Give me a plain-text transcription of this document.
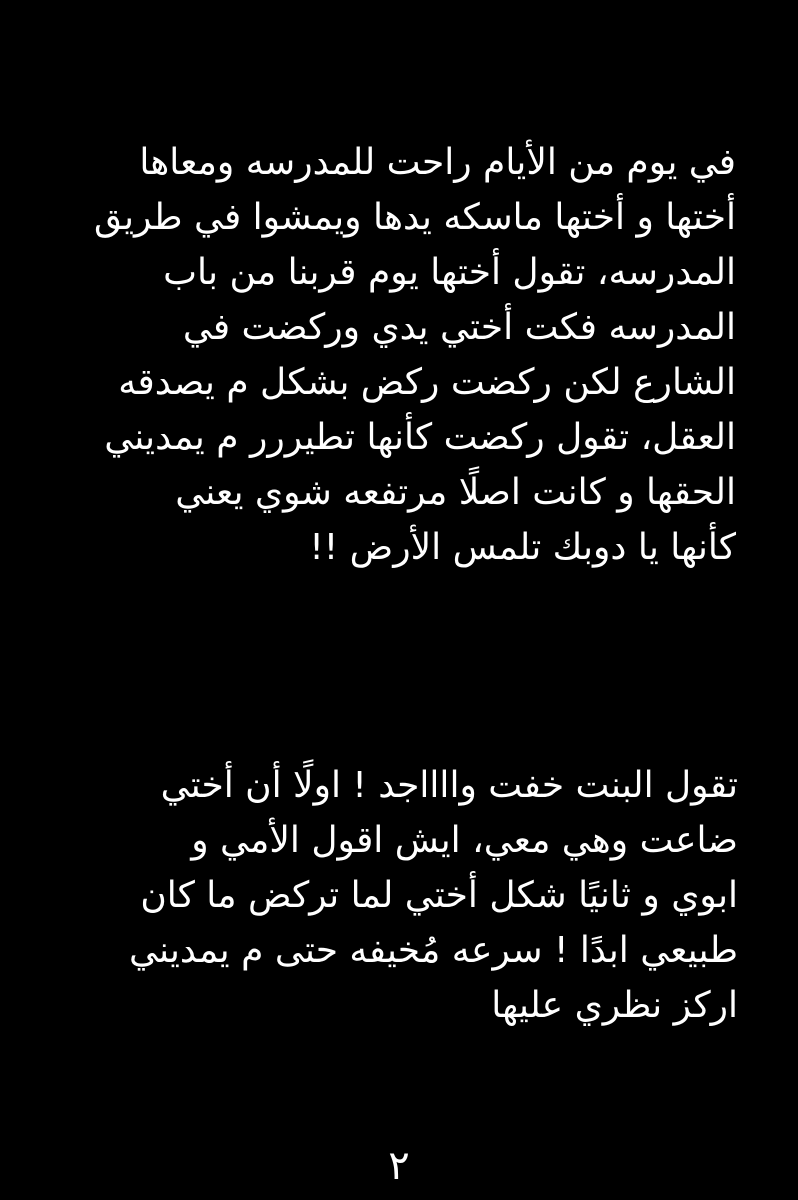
في يوم من الأيام راحت للمدرسه ومعاها
أختها و أختها ماسكه يدها ويمشوا في طريق
المدرسه، تقول أختها يوم قربنا من باب
المدرسه فكت أختي يدي وركضت في
الشارع لكن ركضت ركض بشكل م يصدقه
العقل، تقول ركضت كأنها تطيررر م يمديني
الحقها و كانت اصلًا مرتفعه شوي يعني
كأنها يا دوبك تلمس الأرض !!
تقول البنت خفت وااااجد ! اولًا أن أختي
ضاعت وهي معي، ايش اقول الأمي و
ابوي و ثانيًا شكل أختي لما تركض ما كان
طبيعي ابدًا ! سرعه مُخيفه حتى م يمديني
اركز نظري عليها
٢
